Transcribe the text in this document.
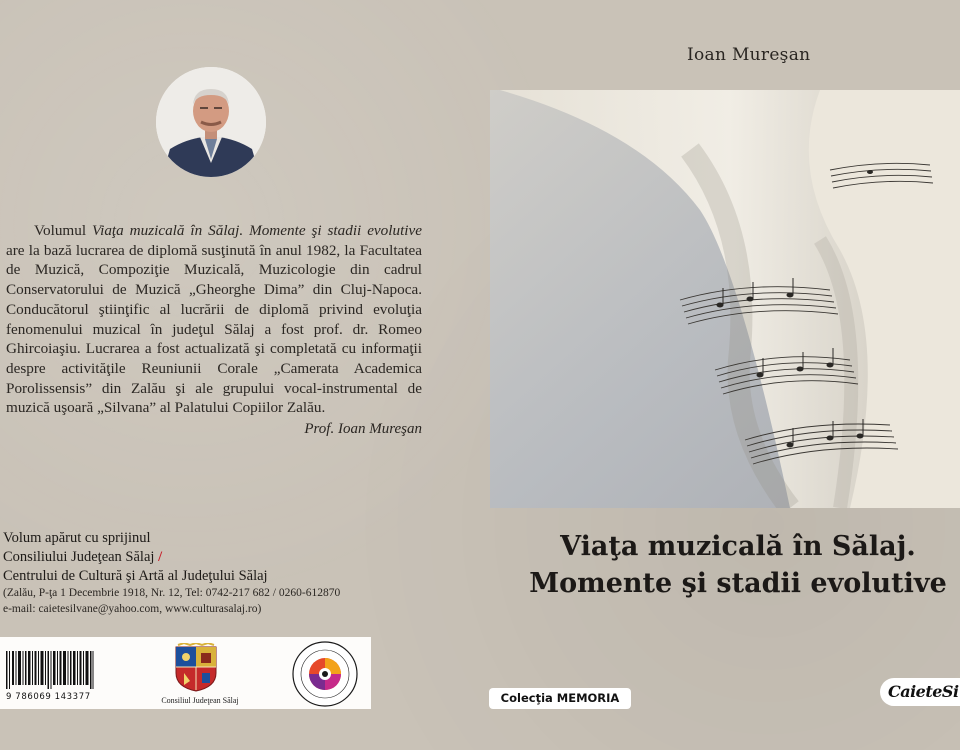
Volumul Viaţa muzicală în Sălaj. Momente şi stadii evolutive are la bază lucrarea de diplomă susţinută în anul 1982, la Facultatea de Muzică, Compoziţie Muzicală, Muzicologie din cadrul Conservatorului de Muzică „Gheorghe Dima” din Cluj-Napoca. Conducătorul ştiinţific al lucrării de diplomă privind evoluţia fenomenului muzical în judeţul Sălaj a fost prof. dr. Romeo Ghircoiaşiu. Lucrarea a fost actualizată şi completată cu informaţii despre activităţile Reuniunii Corale „Camerata Academica Porolissensis” din Zalău şi ale grupului vocal-instrumental de muzică uşoară „Silvana” al Palatului Copiilor Zalău.

Prof. Ioan Mureşan
Volum apărut cu sprijinul
Consiliului Judeţean Sălaj /
Centrului de Cultură şi Artă al Judeţului Sălaj
(Zalău, P-ţa 1 Decembrie 1918, Nr. 12, Tel: 0742-217 682 / 0260-612870
e-mail: caietesilvane@yahoo.com, www.culturasalaj.ro)
9 786069 143377	Consiliul Judeţean Sălaj
Ioan Mureşan
Viaţa muzicală în Sălaj.
Momente şi stadii evolutive
Colecţia MEMORIA	CaieteSi
